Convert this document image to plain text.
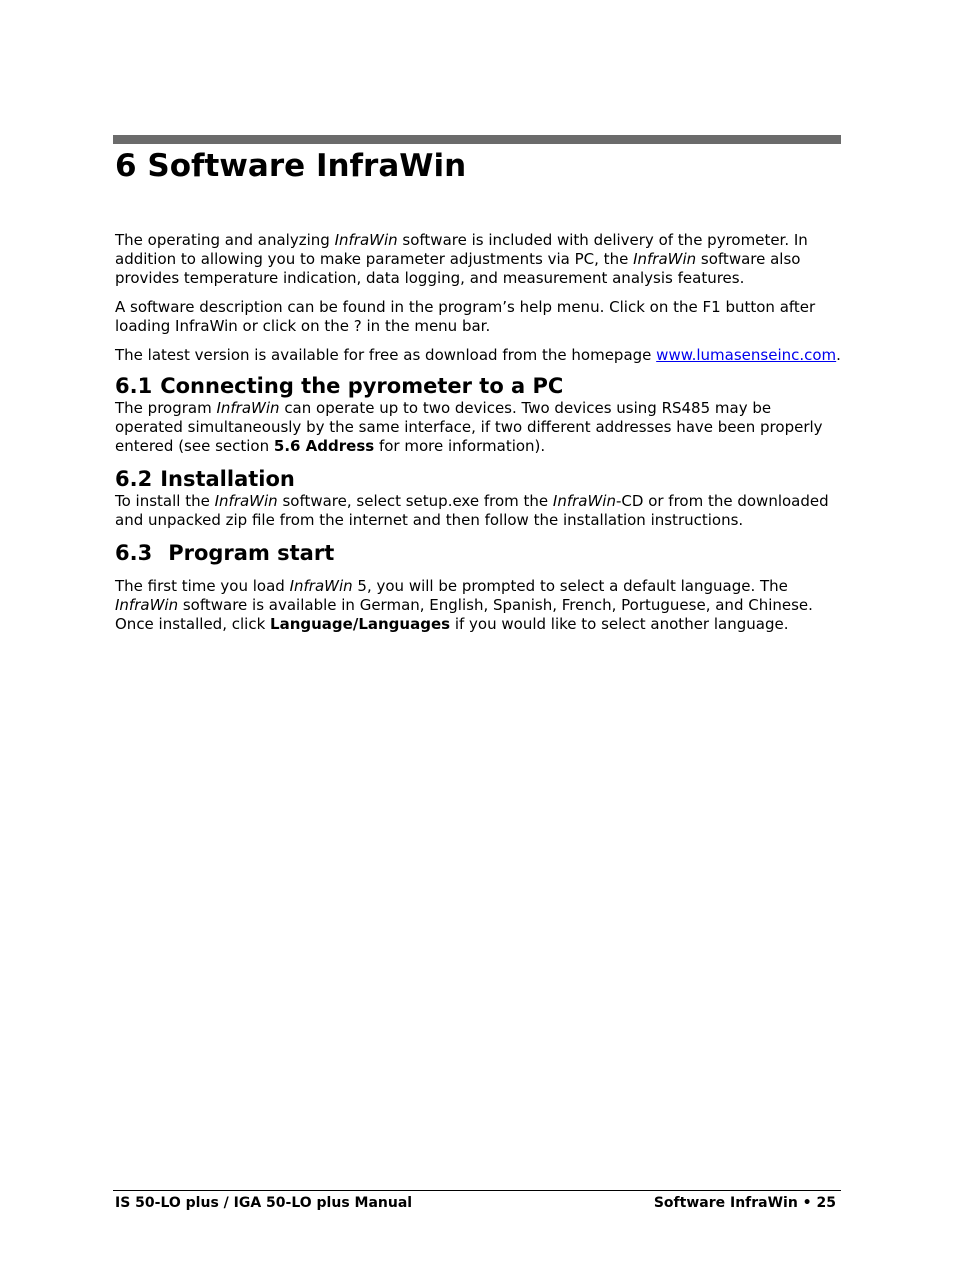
6 Software InfraWin

The operating and analyzing InfraWin software is included with delivery of the pyrometer. In addition to allowing you to make parameter adjustments via PC, the InfraWin software also provides temperature indication, data logging, and measurement analysis features.

A software description can be found in the program’s help menu. Click on the F1 button after loading InfraWin or click on the ? in the menu bar.

The latest version is available for free as download from the homepage www.lumasenseinc.com.

6.1 Connecting the pyrometer to a PC

The program InfraWin can operate up to two devices. Two devices using RS485 may be operated simultaneously by the same interface, if two different addresses have been properly entered (see section 5.6 Address for more information).

6.2 Installation

To install the InfraWin software, select setup.exe from the InfraWin-CD or from the downloaded and unpacked zip file from the internet and then follow the installation instructions.

6.3 Program start

The first time you load InfraWin 5, you will be prompted to select a default language. The InfraWin software is available in German, English, Spanish, French, Portuguese, and Chinese. Once installed, click Language/Languages if you would like to select another language.

IS 50-LO plus / IGA 50-LO plus Manual	Software InfraWin • 25
